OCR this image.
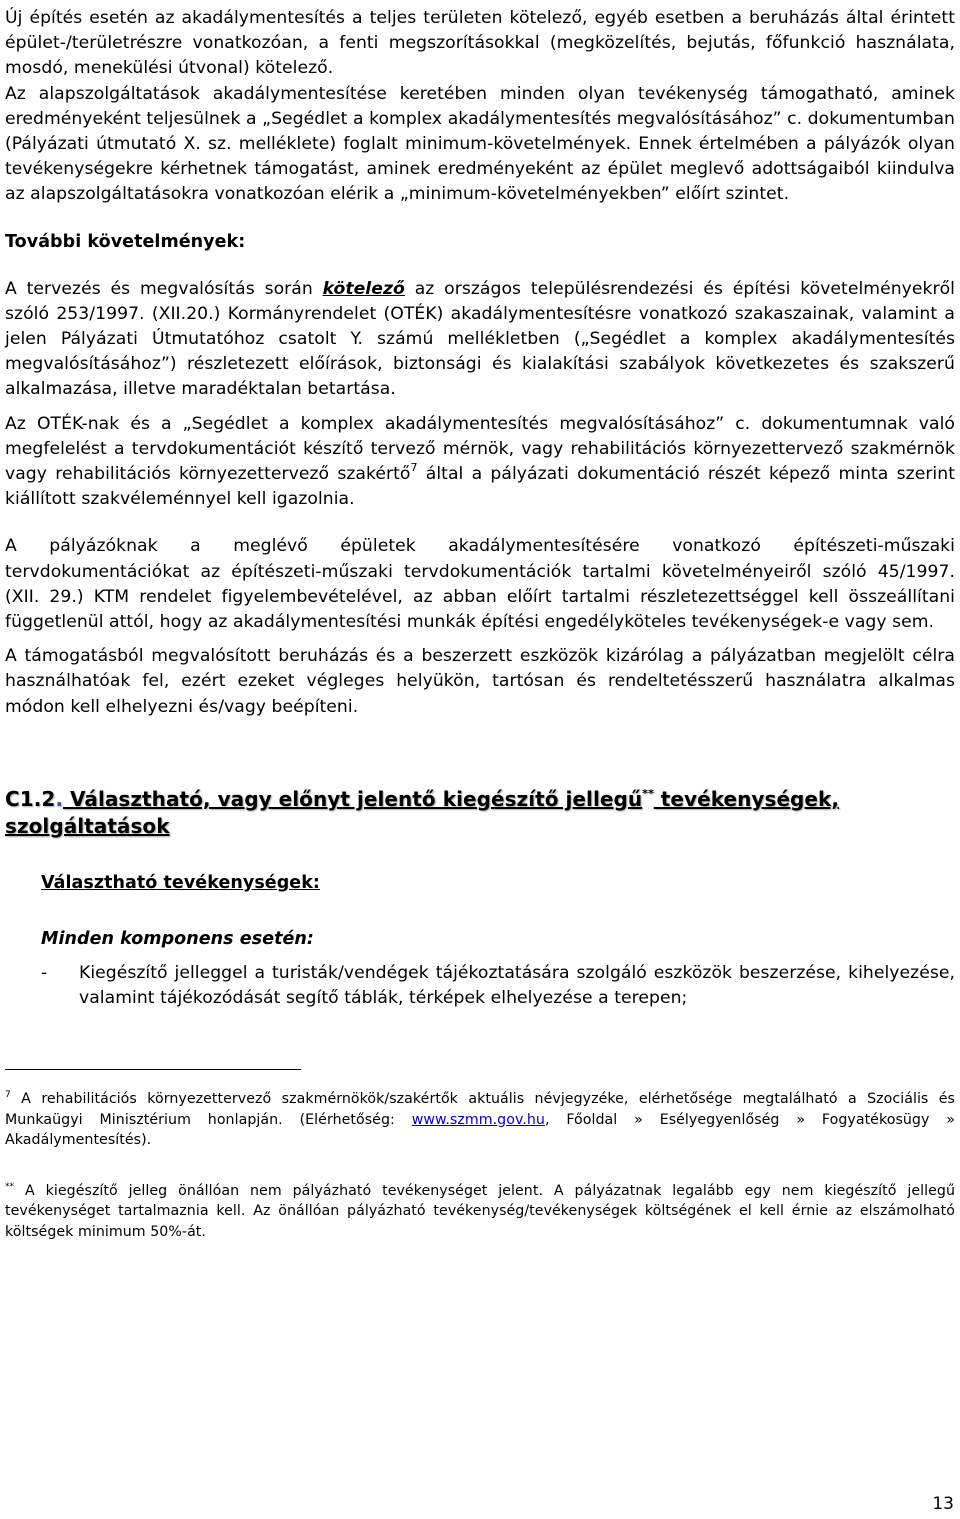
Új építés esetén az akadálymentesítés a teljes területen kötelező, egyéb esetben a beruházás által érintett épület-/területrészre vonatkozóan, a fenti megszorításokkal (megközelítés, bejutás, főfunkció használata, mosdó, menekülési útvonal) kötelező.

Az alapszolgáltatások akadálymentesítése keretében minden olyan tevékenység támogatható, aminek eredményeként teljesülnek a „Segédlet a komplex akadálymentesítés megvalósításához” c. dokumentumban (Pályázati útmutató X. sz. melléklete) foglalt minimum-követelmények. Ennek értelmében a pályázók olyan tevékenységekre kérhetnek támogatást, aminek eredményeként az épület meglevő adottságaiból kiindulva az alapszolgáltatásokra vonatkozóan elérik a „minimum-követelményekben” előírt szintet.

További követelmények:

A tervezés és megvalósítás során kötelező az országos településrendezési és építési követelményekről szóló 253/1997. (XII.20.) Kormányrendelet (OTÉK) akadálymentesítésre vonatkozó szakaszainak, valamint a jelen Pályázati Útmutatóhoz csatolt Y. számú mellékletben („Segédlet a komplex akadálymentesítés megvalósításához”) részletezett előírások, biztonsági és kialakítási szabályok következetes és szakszerű alkalmazása, illetve maradéktalan betartása.

Az OTÉK-nak és a „Segédlet a komplex akadálymentesítés megvalósításához” c. dokumentumnak való megfelelést a tervdokumentációt készítő tervező mérnök, vagy rehabilitációs környezettervező szakmérnök vagy rehabilitációs környezettervező szakértő$^7$ által a pályázati dokumentáció részét képező minta szerint kiállított szakvéleménnyel kell igazolnia.

A pályázóknak a meglévő épületek akadálymentesítésére vonatkozó építészeti-műszaki tervdokumentációkat az építészeti-műszaki tervdokumentációk tartalmi követelményeiről szóló 45/1997. (XII. 29.) KTM rendelet figyelembevételével, az abban előírt tartalmi részletezettséggel kell összeállítani függetlenül attól, hogy az akadálymentesítési munkák építési engedélyköteles tevékenységek-e vagy sem.

A támogatásból megvalósított beruházás és a beszerzett eszközök kizárólag a pályázatban megjelölt célra használhatóak fel, ezért ezeket végleges helyükön, tartósan és rendeltetésszerű használatra alkalmas módon kell elhelyezni és/vagy beépíteni.

C1.2. Választható, vagy előnyt jelentő kiegészítő jellegű** tevékenységek, szolgáltatások

Választható tevékenységek:

Minden komponens esetén:

-	Kiegészítő jelleggel a turisták/vendégek tájékoztatására szolgáló eszközök beszerzése, kihelyezése, valamint tájékozódását segítő táblák, térképek elhelyezése a terepen;

$^7$ A rehabilitációs környezettervező szakmérnökök/szakértők aktuális névjegyzéke, elérhetősége megtalálható a Szociális és Munkaügyi Minisztérium honlapján. (Elérhetőség: www.szmm.gov.hu, Főoldal » Esélyegyenlőség » Fogyatékosügy » Akadálymentesítés).

** A kiegészítő jelleg önállóan nem pályázható tevékenységet jelent. A pályázatnak legalább egy nem kiegészítő jellegű tevékenységet tartalmaznia kell. Az önállóan pályázható tevékenység/tevékenységek költségének el kell érnie az elszámolható költségek minimum 50%-át.

13
